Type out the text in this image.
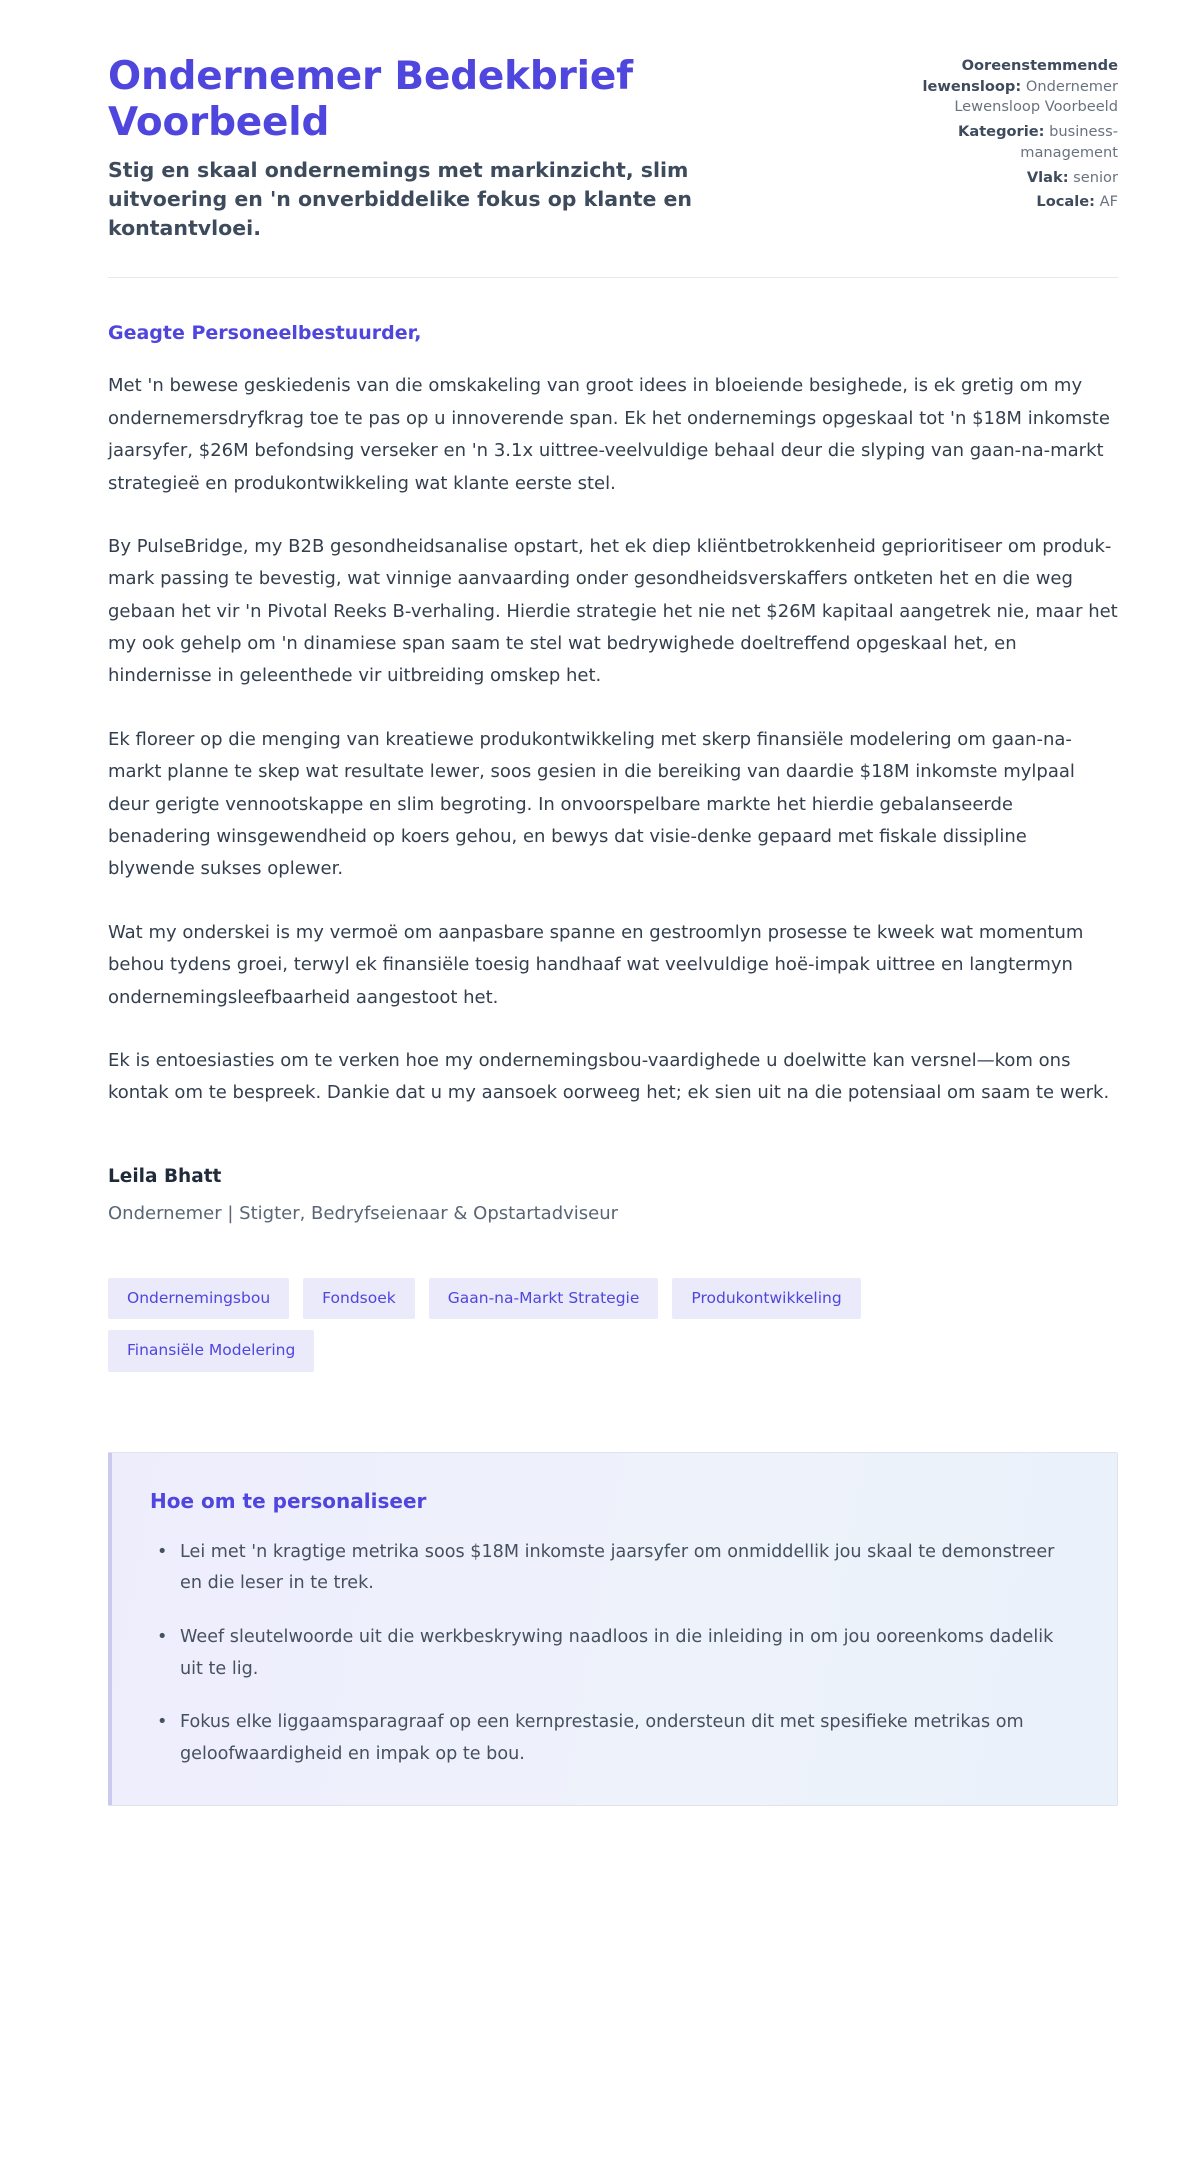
Ondernemer Bedekbrief Voorbeeld

Stig en skaal ondernemings met markinzicht, slim uitvoering en 'n onverbiddelike fokus op klante en kontantvloei.

Ooreenstemmende lewensloop: Ondernemer Lewensloop Voorbeeld
Kategorie: business-management
Vlak: senior
Locale: AF

Geagte Personeelbestuurder,

Met 'n bewese geskiedenis van die omskakeling van groot idees in bloeiende besighede, is ek gretig om my ondernemersdryfkrag toe te pas op u innoverende span. Ek het ondernemings opgeskaal tot 'n $18M inkomste jaarsyfer, $26M befondsing verseker en 'n 3.1x uittree-veelvuldige behaal deur die slyping van gaan-na-markt strategieë en produkontwikkeling wat klante eerste stel.

By PulseBridge, my B2B gesondheidsanalise opstart, het ek diep kliëntbetrokkenheid geprioritiseer om produk-mark passing te bevestig, wat vinnige aanvaarding onder gesondheidsverskaffers ontketen het en die weg gebaan het vir 'n Pivotal Reeks B-verhaling. Hierdie strategie het nie net $26M kapitaal aangetrek nie, maar het my ook gehelp om 'n dinamiese span saam te stel wat bedrywighede doeltreffend opgeskaal het, en hindernisse in geleenthede vir uitbreiding omskep het.

Ek floreer op die menging van kreatiewe produkontwikkeling met skerp finansiële modelering om gaan-na-markt planne te skep wat resultate lewer, soos gesien in die bereiking van daardie $18M inkomste mylpaal deur gerigte vennootskappe en slim begroting. In onvoorspelbare markte het hierdie gebalanseerde benadering winsgewendheid op koers gehou, en bewys dat visie-denke gepaard met fiskale dissipline blywende sukses oplewer.

Wat my onderskei is my vermoë om aanpasbare spanne en gestroomlyn prosesse te kweek wat momentum behou tydens groei, terwyl ek finansiële toesig handhaaf wat veelvuldige hoë-impak uittree en langtermyn ondernemingsleefbaarheid aangestoot het.

Ek is entoesiasties om te verken hoe my ondernemingsbou-vaardighede u doelwitte kan versnel—kom ons kontak om te bespreek. Dankie dat u my aansoek oorweeg het; ek sien uit na die potensiaal om saam te werk.

Leila Bhatt

Ondernemer | Stigter, Bedryfseienaar & Opstartadviseur

Ondernemingsbou	Fondsoek	Gaan-na-Markt Strategie	Produkontwikkeling
Finansiële Modelering

Hoe om te personaliseer

• Lei met 'n kragtige metrika soos $18M inkomste jaarsyfer om onmiddellik jou skaal te demonstreer en die leser in te trek.
• Weef sleutelwoorde uit die werkbeskrywing naadloos in die inleiding in om jou ooreenkoms dadelik uit te lig.
• Fokus elke liggaamsparagraaf op een kernprestasie, ondersteun dit met spesifieke metrikas om geloofwaardigheid en impak op te bou.
